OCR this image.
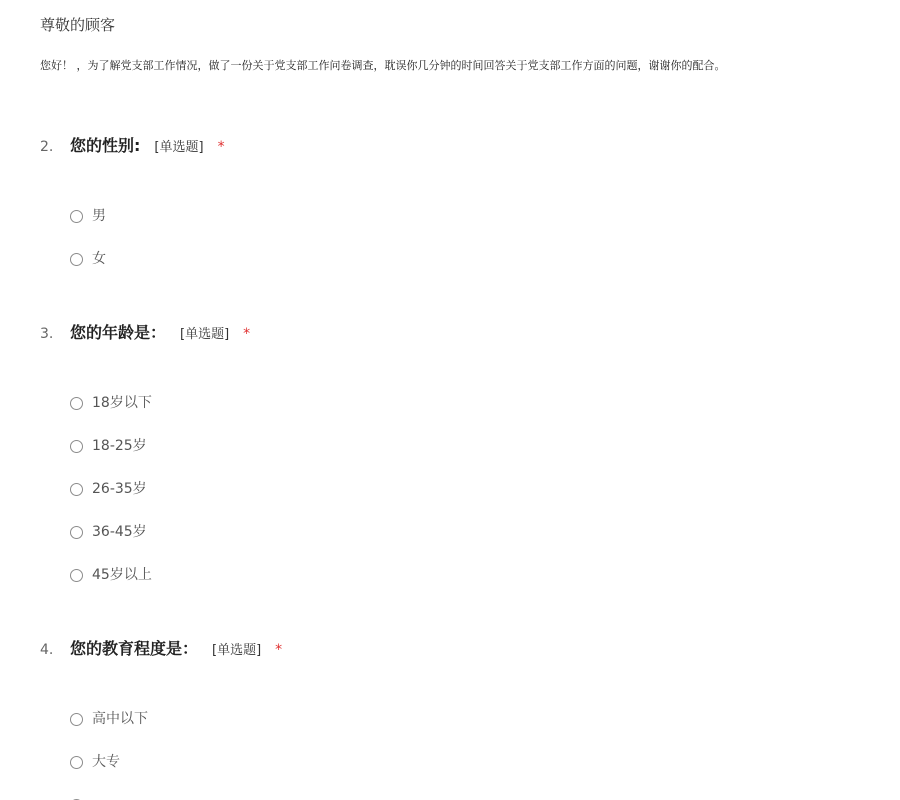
尊敬的顾客
您好！ ，为了解党支部工作情况，做了一份关于党支部工作问卷调查，耽误你几分钟的时间回答关于党支部工作方面的问题，谢谢你的配合。
2. 您的性别: [单选题] *
男
女
3. 您的年龄是： [单选题] *
18岁以下
18-25岁
26-35岁
36-45岁
45岁以上
4. 您的教育程度是： [单选题] *
高中以下
大专
